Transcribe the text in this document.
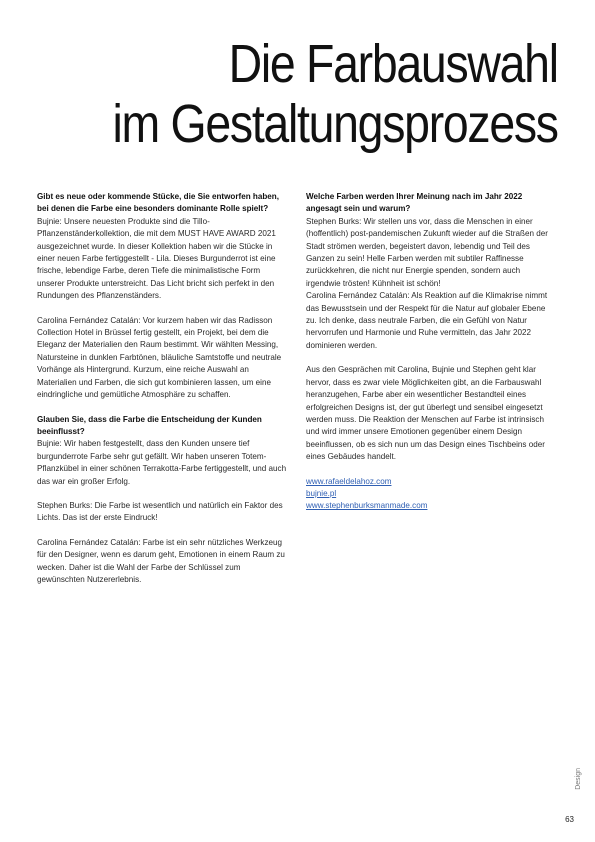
Die Farbauswahl
im Gestaltungsprozess

Gibt es neue oder kommende Stücke, die Sie entworfen haben, bei denen die Farbe eine besonders dominante Rolle spielt?

Bujnie: Unsere neuesten Produkte sind die Tillo-Pflanzenständerkollektion, die mit dem MUST HAVE AWARD 2021 ausgezeichnet wurde. In dieser Kollektion haben wir die Stücke in einer neuen Farbe fertiggestellt - Lila. Dieses Burgunderrot ist eine frische, lebendige Farbe, deren Tiefe die minimalistische Form unserer Produkte unterstreicht. Das Licht bricht sich perfekt in den Rundungen des Pflanzenständers.

Carolina Fernández Catalán: Vor kurzem haben wir das Radisson Collection Hotel in Brüssel fertig gestellt, ein Projekt, bei dem die Eleganz der Materialien den Raum bestimmt. Wir wählten Messing, Natursteine in dunklen Farbtönen, bläuliche Samtstoffe und neutrale Vorhänge als Hintergrund. Kurzum, eine reiche Auswahl an Materialien und Farben, die sich gut kombinieren lassen, um eine eindringliche und gemütliche Atmosphäre zu schaffen.

Glauben Sie, dass die Farbe die Entscheidung der Kunden beeinflusst?

Bujnie: Wir haben festgestellt, dass den Kunden unsere tief burgunderrote Farbe sehr gut gefällt. Wir haben unseren Totem-Pflanzkübel in einer schönen Terrakotta-Farbe fertiggestellt, und auch das war ein großer Erfolg.

Stephen Burks: Die Farbe ist wesentlich und natürlich ein Faktor des Lichts. Das ist der erste Eindruck!

Carolina Fernández Catalán: Farbe ist ein sehr nützliches Werkzeug für den Designer, wenn es darum geht, Emotionen in einem Raum zu wecken. Daher ist die Wahl der Farbe der Schlüssel zum gewünschten Nutzererlebnis.

Welche Farben werden Ihrer Meinung nach im Jahr 2022 angesagt sein und warum?

Stephen Burks: Wir stellen uns vor, dass die Menschen in einer (hoffentlich) post-pandemischen Zukunft wieder auf die Straßen der Stadt strömen werden, begeistert davon, lebendig und Teil des Ganzen zu sein! Helle Farben werden mit subtiler Raffinesse zurückkehren, die nicht nur Energie spenden, sondern auch irgendwie trösten! Kühnheit ist schön!

Carolina Fernández Catalán: Als Reaktion auf die Klimakrise nimmt das Bewusstsein und der Respekt für die Natur auf globaler Ebene zu. Ich denke, dass neutrale Farben, die ein Gefühl von Natur hervorrufen und Harmonie und Ruhe vermitteln, das Jahr 2022 dominieren werden.

Aus den Gesprächen mit Carolina, Bujnie und Stephen geht klar hervor, dass es zwar viele Möglichkeiten gibt, an die Farbauswahl heranzugehen, Farbe aber ein wesentlicher Bestandteil eines erfolgreichen Designs ist, der gut überlegt und sensibel eingesetzt werden muss. Die Reaktion der Menschen auf Farbe ist intrinsisch und wird immer unsere Emotionen gegenüber einem Design beeinflussen, ob es sich nun um das Design eines Tischbeins oder eines Gebäudes handelt.

www.rafaeldelahoz.com
bujnie.pl
www.stephenburksmanmade.com
Design
63
